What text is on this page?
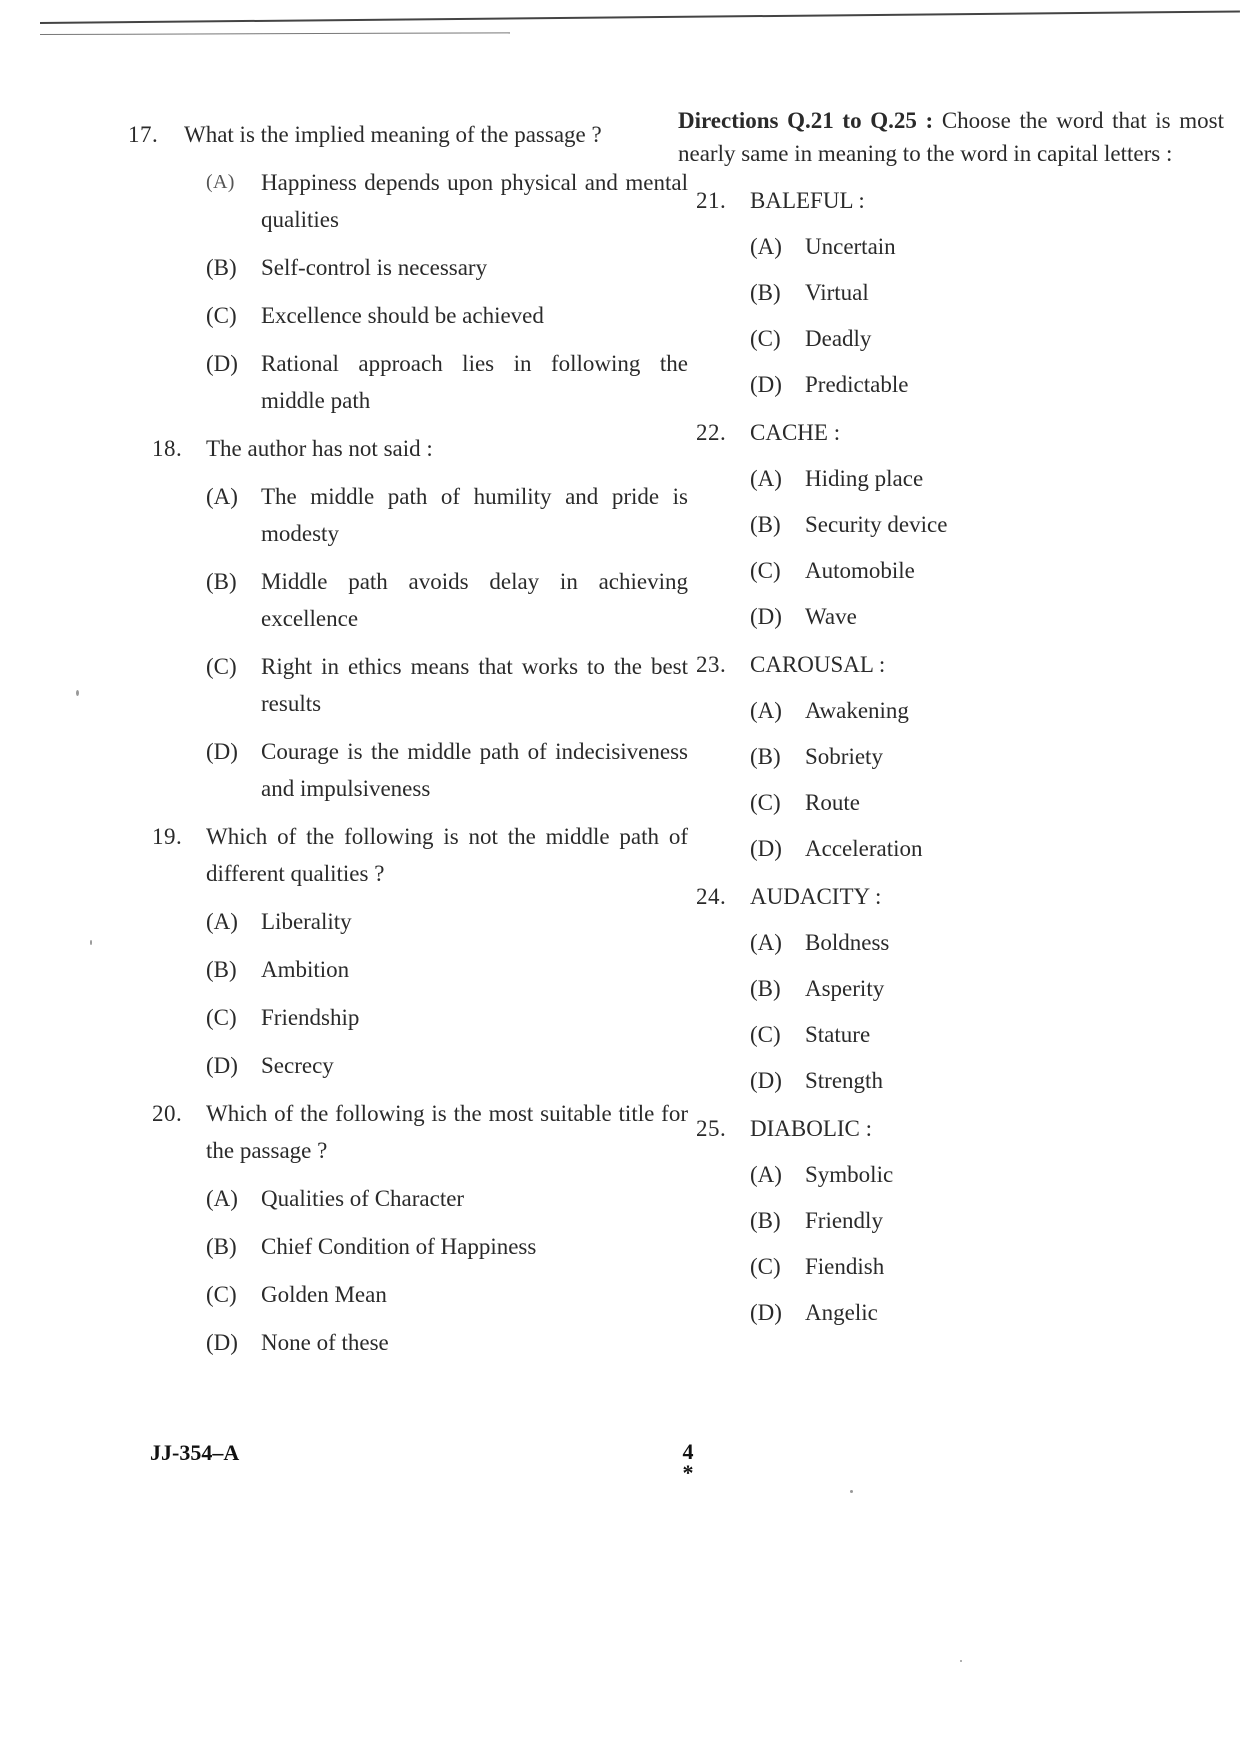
17.	What is the implied meaning of the passage ?
(A)	Happiness depends upon physical and mental qualities
(B)	Self-control is necessary
(C)	Excellence should be achieved
(D)	Rational approach lies in following the middle path
18.	The author has not said :
(A)	The middle path of humility and pride is modesty
(B)	Middle path avoids delay in achieving excellence
(C)	Right in ethics means that works to the best results
(D)	Courage is the middle path of indecisiveness and impulsiveness
19.	Which of the following is not the middle path of different qualities ?
(A)	Liberality
(B)	Ambition
(C)	Friendship
(D)	Secrecy
20.	Which of the following is the most suitable title for the passage ?
(A)	Qualities of Character
(B)	Chief Condition of Happiness
(C)	Golden Mean
(D)	None of these
Directions Q.21 to Q.25 : Choose the word that is most nearly same in meaning to the word in capital letters :
21.	BALEFUL :
(A)	Uncertain
(B)	Virtual
(C)	Deadly
(D)	Predictable
22.	CACHE :
(A)	Hiding place
(B)	Security device
(C)	Automobile
(D)	Wave
23.	CAROUSAL :
(A)	Awakening
(B)	Sobriety
(C)	Route
(D)	Acceleration
24.	AUDACITY :
(A)	Boldness
(B)	Asperity
(C)	Stature
(D)	Strength
25.	DIABOLIC :
(A)	Symbolic
(B)	Friendly
(C)	Fiendish
(D)	Angelic
JJ-354–A	4
*
